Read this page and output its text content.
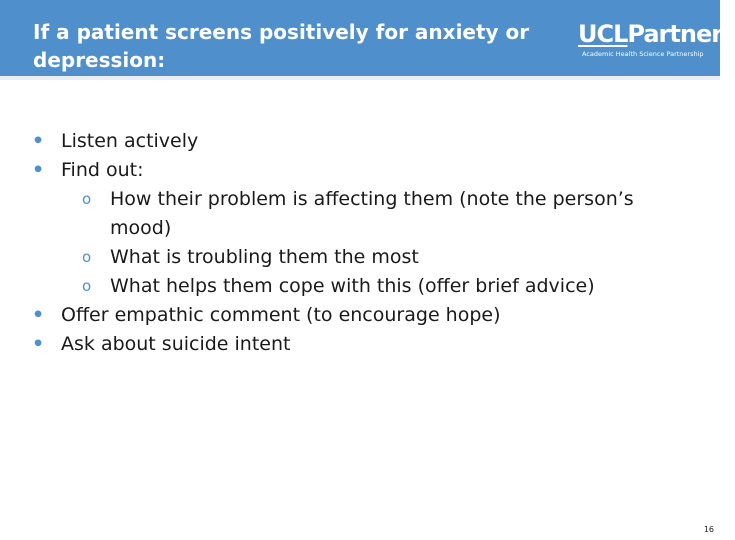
If a patient screens positively for anxiety or depression:
UCLPartners
Academic Health Science Partnership
• Listen actively
• Find out:
o How their problem is affecting them (note the person’s mood)
o What is troubling them the most
o What helps them cope with this (offer brief advice)
• Offer empathic comment (to encourage hope)
• Ask about suicide intent
16
